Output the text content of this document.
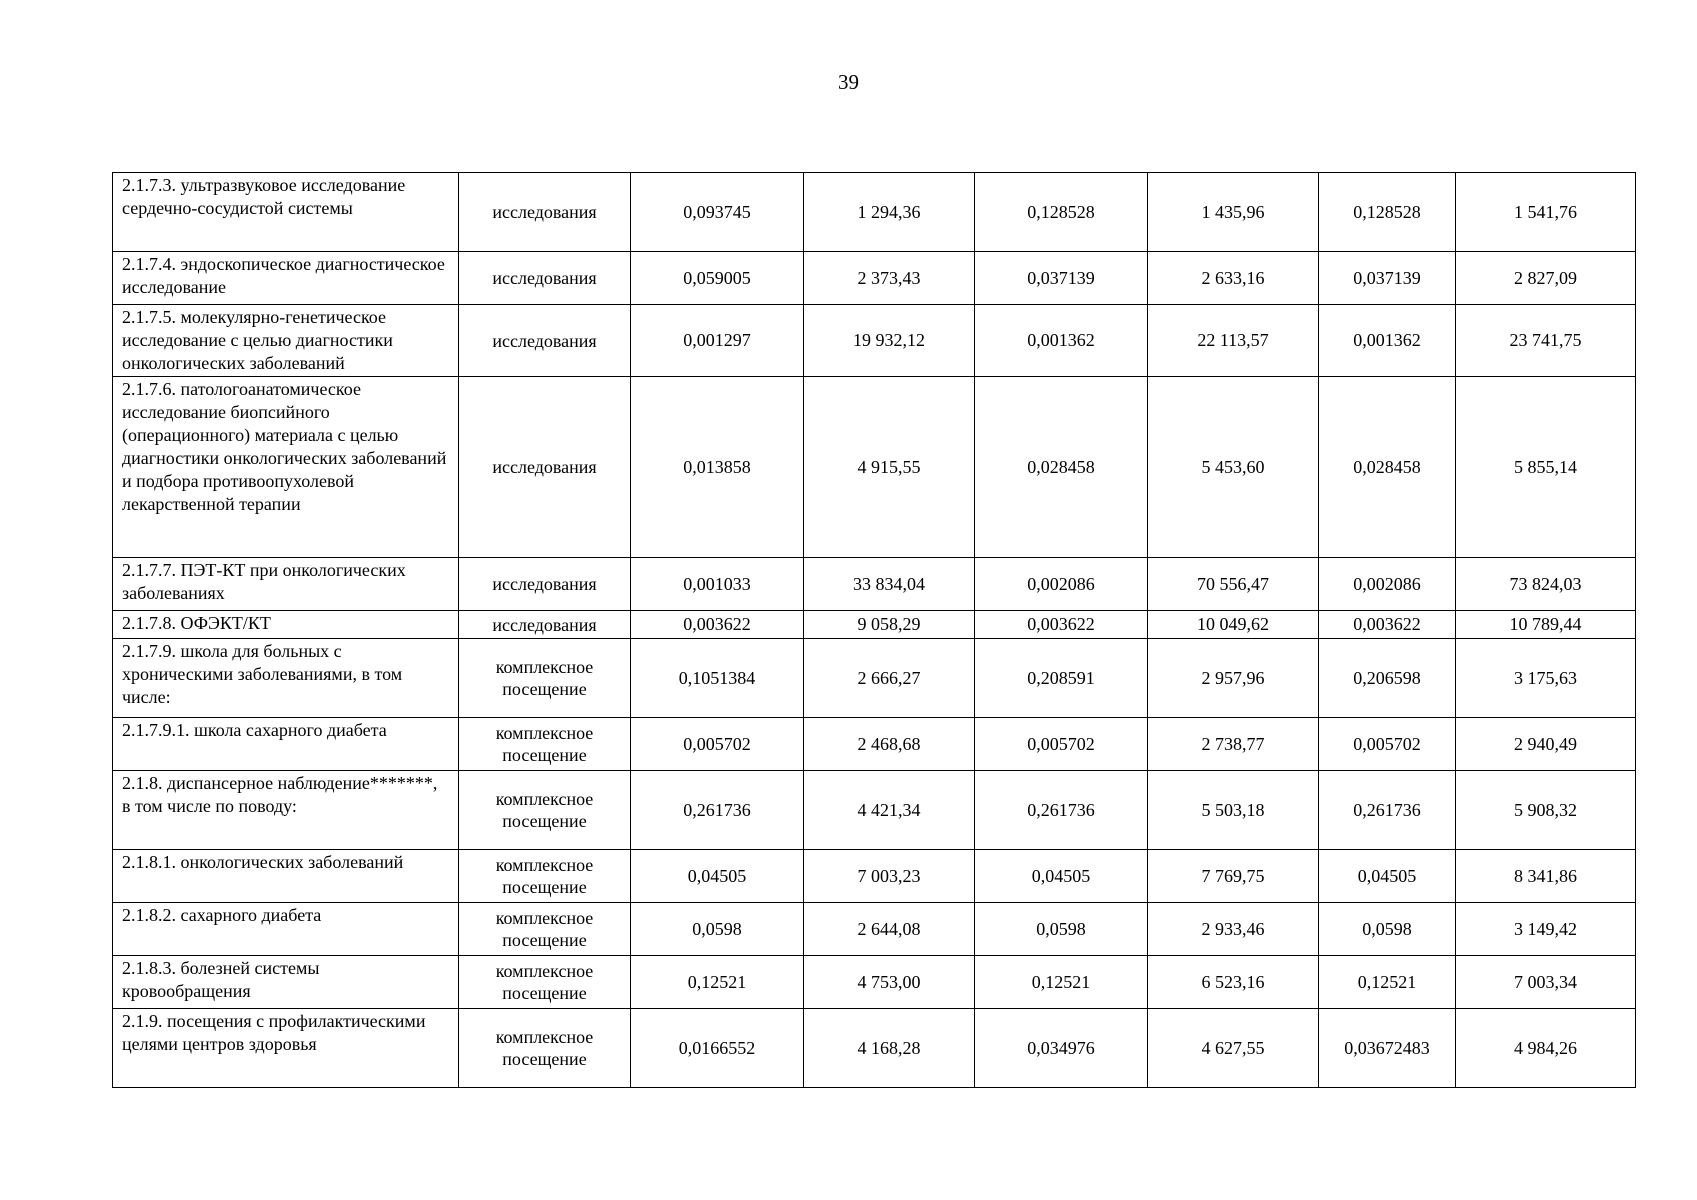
39
2.1.7.3. ультразвуковое исследование сердечно-сосудистой системы	исследования	0,093745	1 294,36	0,128528	1 435,96	0,128528	1 541,76
2.1.7.4. эндоскопическое диагностическое исследование	исследования	0,059005	2 373,43	0,037139	2 633,16	0,037139	2 827,09
2.1.7.5. молекулярно-генетическое исследование с целью диагностики онкологических заболеваний	исследования	0,001297	19 932,12	0,001362	22 113,57	0,001362	23 741,75
2.1.7.6. патологоанатомическое исследование биопсийного (операционного) материала с целью диагностики онкологических заболеваний и подбора противоопухолевой лекарственной терапии	исследования	0,013858	4 915,55	0,028458	5 453,60	0,028458	5 855,14
2.1.7.7. ПЭТ-КТ при онкологических заболеваниях	исследования	0,001033	33 834,04	0,002086	70 556,47	0,002086	73 824,03
2.1.7.8. ОФЭКТ/КТ	исследования	0,003622	9 058,29	0,003622	10 049,62	0,003622	10 789,44
2.1.7.9. школа для больных с хроническими заболеваниями, в том числе:	комплексное посещение	0,1051384	2 666,27	0,208591	2 957,96	0,206598	3 175,63
2.1.7.9.1. школа сахарного диабета	комплексное посещение	0,005702	2 468,68	0,005702	2 738,77	0,005702	2 940,49
2.1.8. диспансерное наблюдение*******, в том числе по поводу:	комплексное посещение	0,261736	4 421,34	0,261736	5 503,18	0,261736	5 908,32
2.1.8.1. онкологических заболеваний	комплексное посещение	0,04505	7 003,23	0,04505	7 769,75	0,04505	8 341,86
2.1.8.2. сахарного диабета	комплексное посещение	0,0598	2 644,08	0,0598	2 933,46	0,0598	3 149,42
2.1.8.3. болезней системы кровообращения	комплексное посещение	0,12521	4 753,00	0,12521	6 523,16	0,12521	7 003,34
2.1.9. посещения с профилактическими целями центров здоровья	комплексное посещение	0,0166552	4 168,28	0,034976	4 627,55	0,03672483	4 984,26
